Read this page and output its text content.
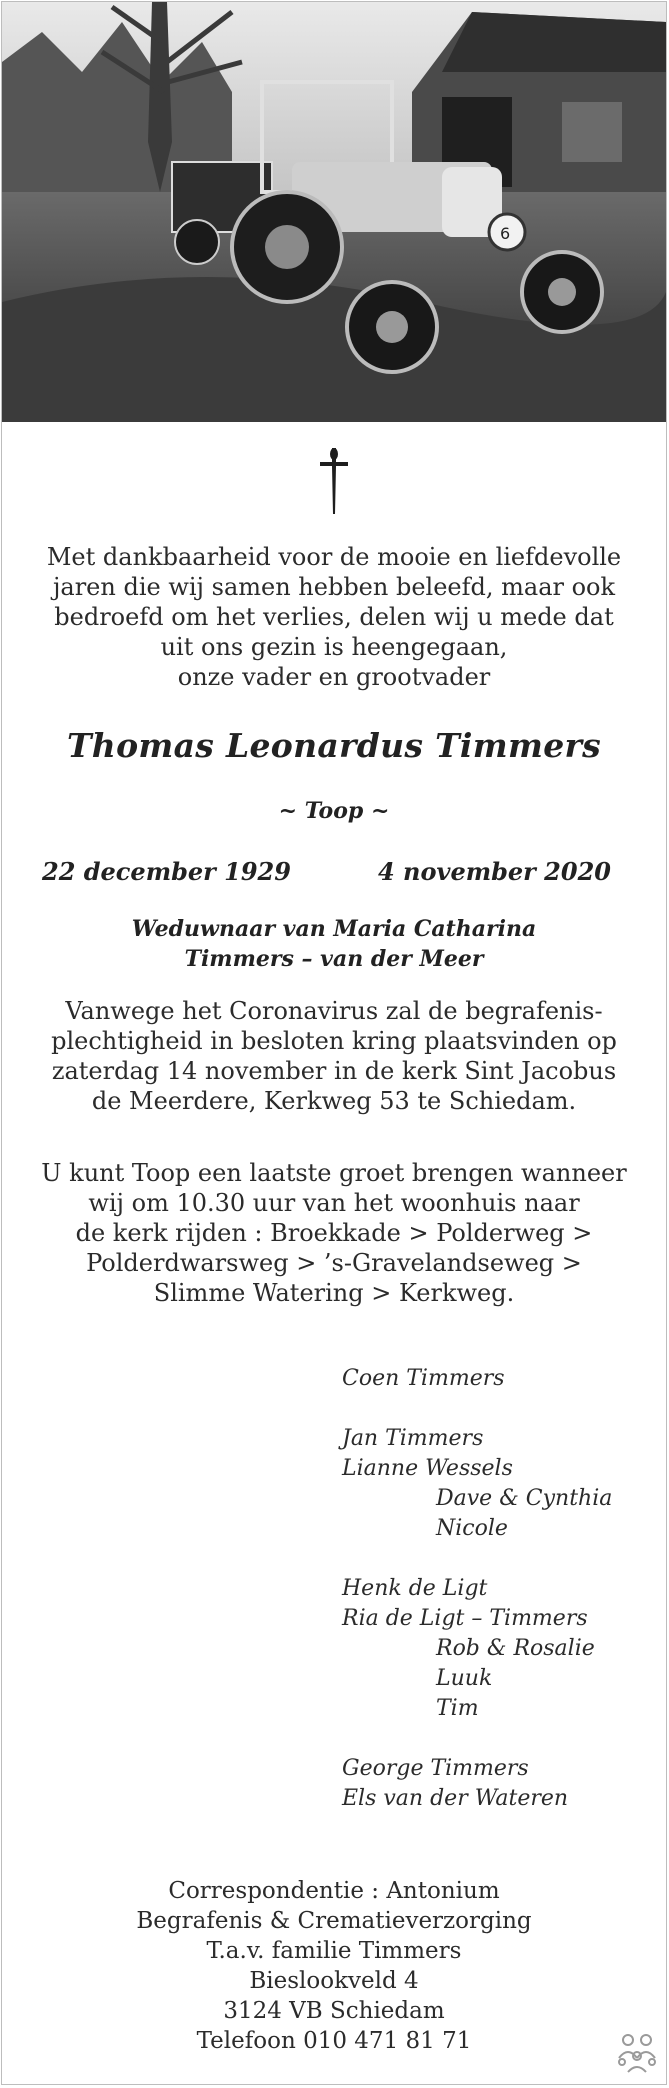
6
Met dankbaarheid voor de mooie en liefdevolle
jaren die wij samen hebben beleefd, maar ook
bedroefd om het verlies, delen wij u mede dat
uit ons gezin is heengegaan,
onze vader en grootvader
Thomas Leonardus Timmers
~ Toop ~
22 december 1929	4 november 2020
Weduwnaar van Maria Catharina
Timmers – van der Meer
Vanwege het Coronavirus zal de begrafenis-
plechtigheid in besloten kring plaatsvinden op
zaterdag 14 november in de kerk Sint Jacobus
de Meerdere, Kerkweg 53 te Schiedam.
U kunt Toop een laatste groet brengen wanneer
wij om 10.30 uur van het woonhuis naar
de kerk rijden : Broekkade > Polderweg >
Polderdwarsweg > ’s-Gravelandseweg >
Slimme Watering > Kerkweg.
Coen Timmers
Jan Timmers
Lianne Wessels
Dave & Cynthia
Nicole
Henk de Ligt
Ria de Ligt – Timmers
Rob & Rosalie
Luuk
Tim
George Timmers
Els van der Wateren
Correspondentie : Antonium
Begrafenis & Crematieverzorging
T.a.v. familie Timmers
Bieslookveld 4
3124 VB Schiedam
Telefoon 010 471 81 71
